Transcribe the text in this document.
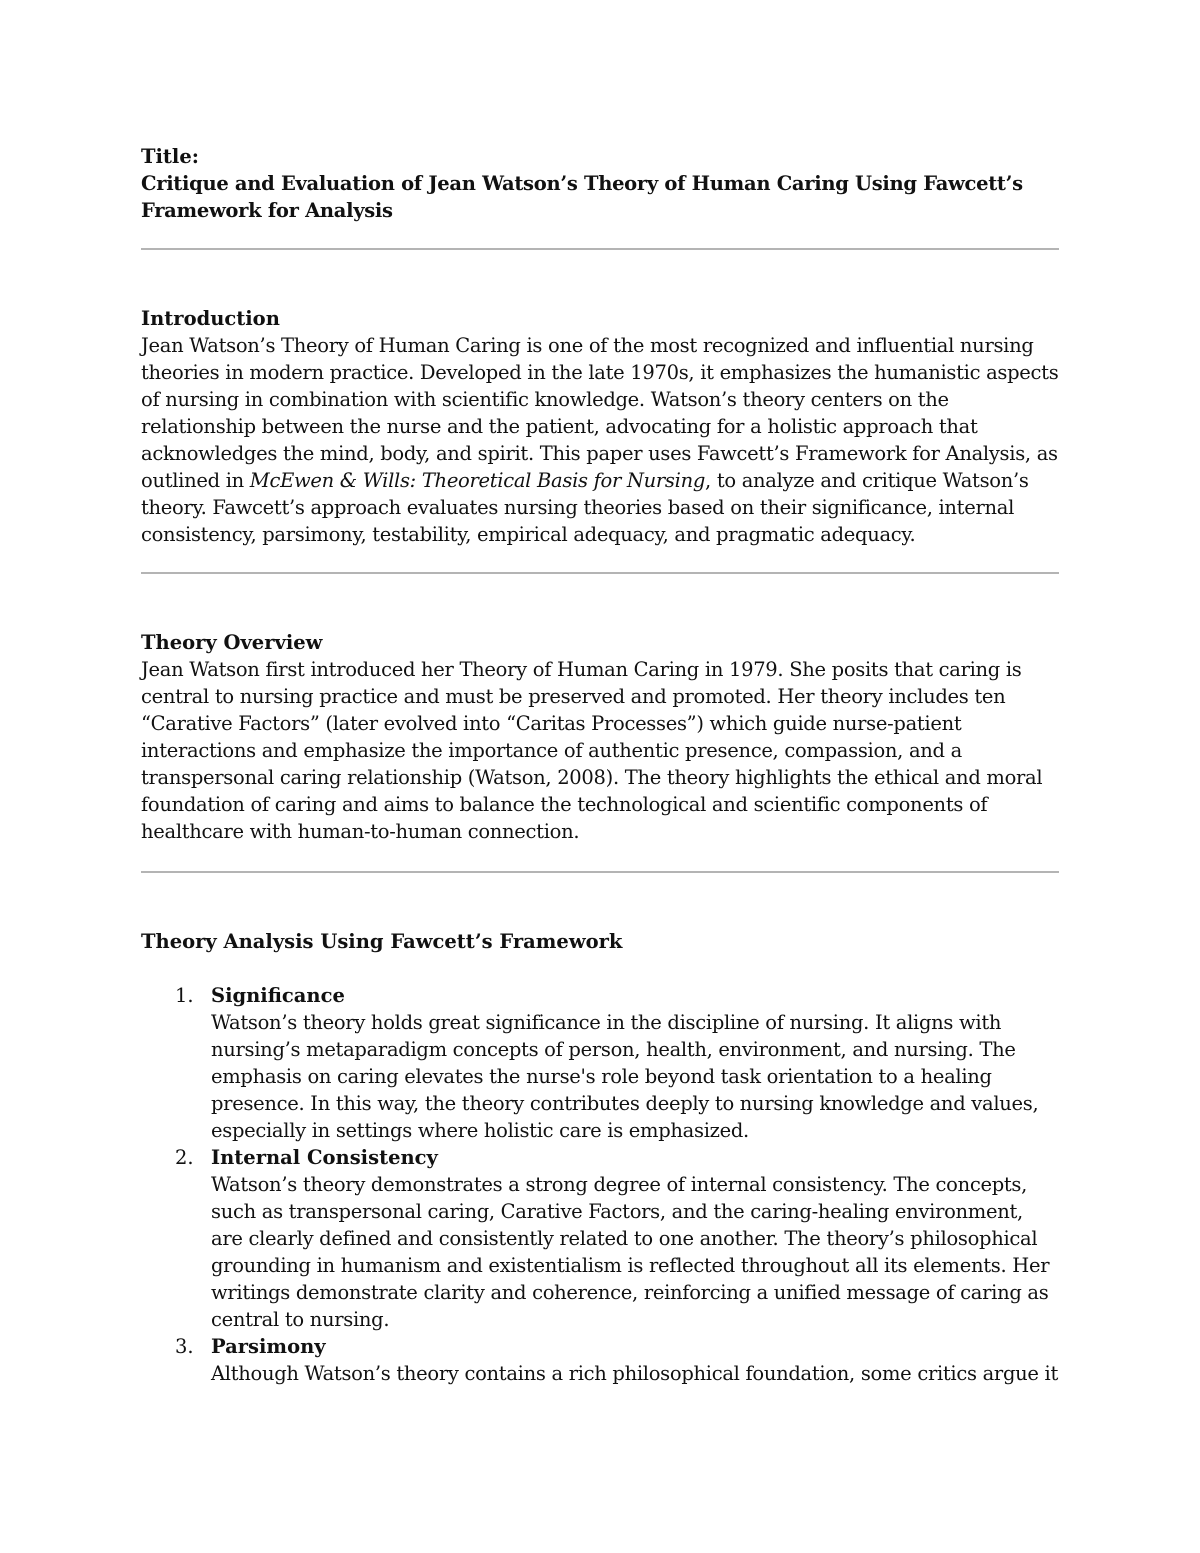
Title:

Critique and Evaluation of Jean Watson’s Theory of Human Caring Using Fawcett’s

Framework for Analysis

Introduction

Jean Watson’s Theory of Human Caring is one of the most recognized and influential nursing theories in modern practice. Developed in the late 1970s, it emphasizes the humanistic aspects of nursing in combination with scientific knowledge. Watson’s theory centers on the relationship between the nurse and the patient, advocating for a holistic approach that acknowledges the mind, body, and spirit. This paper uses Fawcett’s Framework for Analysis, as outlined in McEwen & Wills: Theoretical Basis for Nursing, to analyze and critique Watson’s theory. Fawcett’s approach evaluates nursing theories based on their significance, internal consistency, parsimony, testability, empirical adequacy, and pragmatic adequacy.

Theory Overview

Jean Watson first introduced her Theory of Human Caring in 1979. She posits that caring is central to nursing practice and must be preserved and promoted. Her theory includes ten “Carative Factors” (later evolved into “Caritas Processes”) which guide nurse-patient interactions and emphasize the importance of authentic presence, compassion, and a transpersonal caring relationship (Watson, 2008). The theory highlights the ethical and moral foundation of caring and aims to balance the technological and scientific components of healthcare with human-to-human connection.

Theory Analysis Using Fawcett’s Framework

1. Significance

Watson’s theory holds great significance in the discipline of nursing. It aligns with nursing’s metaparadigm concepts of person, health, environment, and nursing. The emphasis on caring elevates the nurse's role beyond task orientation to a healing presence. In this way, the theory contributes deeply to nursing knowledge and values, especially in settings where holistic care is emphasized.

2. Internal Consistency

Watson’s theory demonstrates a strong degree of internal consistency. The concepts, such as transpersonal caring, Carative Factors, and the caring-healing environment, are clearly defined and consistently related to one another. The theory’s philosophical grounding in humanism and existentialism is reflected throughout all its elements. Her writings demonstrate clarity and coherence, reinforcing a unified message of caring as central to nursing.

3. Parsimony

Although Watson’s theory contains a rich philosophical foundation, some critics argue it
